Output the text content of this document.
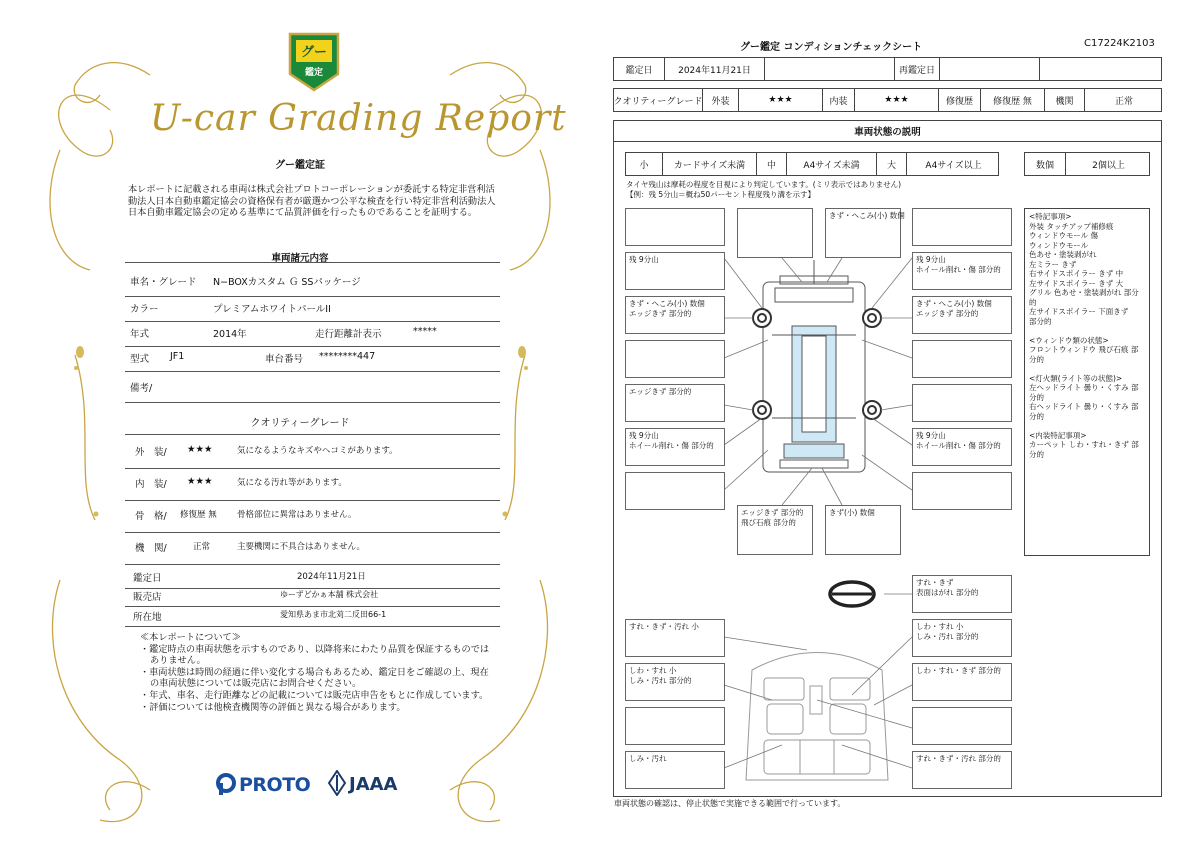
グー
鑑定
U-car Grading Report
グー鑑定証
本レポートに記載される車両は株式会社プロトコーポレーションが委託する特定非営利活動法人日本自動車鑑定協会の資格保有者が厳選かつ公平な検査を行い特定非営利活動法人日本自動車鑑定協会の定める基準にて品質評価を行ったものであることを証明する。
車両諸元内容
車名・グレード N−BOXカスタム Ｇ SSパッケージ
カラー	プレミアムホワイトパールII
年式	2014年	走行距離計表示	*****
型式 JF1	車台番号 ********447
備考/
クオリティーグレード
外　装/ ★★★	気になるようなキズやヘコミがあります。
内　装/ ★★★	気になる汚れ等があります。
骨　格/ 修復歴 無 骨格部位に異常はありません。
機　関/	正常	主要機関に不具合はありません。
鑑定日	2024年11月21日
販売店	ゆーずどかぁ本舗 株式会社
所在地	愛知県あま市北苅二反田66-1
≪本レポートについて≫
・鑑定時点の車両状態を示すものであり、以降将来にわたり品質を保証するものではありません。
・車両状態は時間の経過に伴い変化する場合もあるため、鑑定日をご確認の上、現在の車両状態については販売店にお問合せください。
・年式、車名、走行距離などの記載については販売店申告をもとに作成しています。
・評価については他検査機関等の評価と異なる場合があります。
PROTO JAAA
グー鑑定 コンディションチェックシート	C17224K2103
鑑定日	2024年11月21日	再鑑定日
クオリティーグレード 外装	★★★	内装	★★★	修復歴	修復歴 無	機関	正常
車両状態の説明
小	カードサイズ未満	中	A4サイズ未満	大	A4サイズ以上	数個	2個以上
タイヤ残山は摩耗の程度を目視により判定しています。(ミリ表示ではありません)
【例：残 5分山＝概ね50パーセント程度残り溝を示す】
きず・へこみ(小) 数個
残 9分山	残 9分山
ホイール削れ・傷 部分的
きず・へこみ(小) 数個
エッジきず 部分的
きず・へこみ(小) 数個
エッジきず 部分的
エッジきず 部分的
残 9分山
ホイール削れ・傷 部分的
残 9分山
ホイール削れ・傷 部分的
エッジきず 部分的
飛び石痕 部分的
きず(小) 数個
<特記事項>
外装 タッチアップ補修痕
ウィンドウモール 傷
ウィンドウモール
色あせ・塗装剥がれ
左ミラー きず
右サイドスポイラー きず 中
左サイドスポイラー きず 大
グリル 色あせ・塗装剥がれ 部分的
左サイドスポイラー 下面きず
部分的
<ウィンドウ類の状態>
フロントウィンドウ 飛び石痕 部分的
<灯火類(ライト等の状態)>
左ヘッドライト 曇り・くすみ 部分的
右ヘッドライト 曇り・くすみ 部分的
<内装特記事項>
カーペット しわ・すれ・きず 部分的
すれ・きず
表面はがれ 部分的
すれ・きず・汚れ 小	しわ・すれ 小
しみ・汚れ 部分的
しわ・すれ 小
しみ・汚れ 部分的
しわ・すれ・きず 部分的
しみ・汚れ	すれ・きず・汚れ 部分的
車両状態の確認は、停止状態で実施できる範囲で行っています。
